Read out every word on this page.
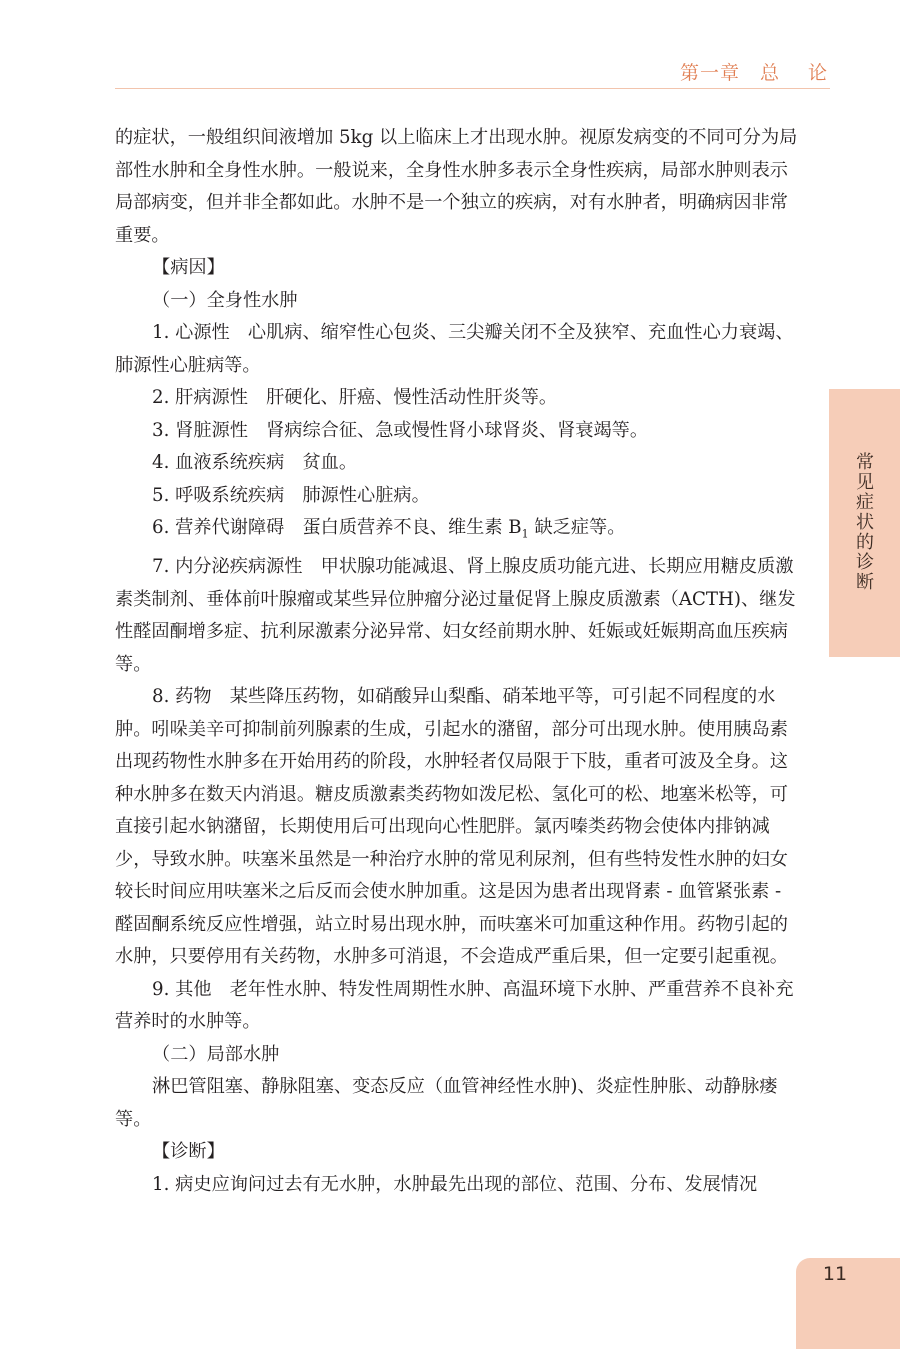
第一章 总 论
常见症状的诊断
11

的症状，一般组织间液增加 5kg 以上临床上才出现水肿。视原发病变的不同可分为局部性水肿和全身性水肿。一般说来，全身性水肿多表示全身性疾病，局部水肿则表示局部病变，但并非全都如此。水肿不是一个独立的疾病，对有水肿者，明确病因非常重要。

【病因】

（一）全身性水肿

1. 心源性　心肌病、缩窄性心包炎、三尖瓣关闭不全及狭窄、充血性心力衰竭、肺源性心脏病等。

2. 肝病源性　肝硬化、肝癌、慢性活动性肝炎等。

3. 肾脏源性　肾病综合征、急或慢性肾小球肾炎、肾衰竭等。

4. 血液系统疾病　贫血。

5. 呼吸系统疾病　肺源性心脏病。

6. 营养代谢障碍　蛋白质营养不良、维生素 $B_1$ 缺乏症等。

7. 内分泌疾病源性　甲状腺功能减退、肾上腺皮质功能亢进、长期应用糖皮质激素类制剂、垂体前叶腺瘤或某些异位肿瘤分泌过量促肾上腺皮质激素（ACTH)、继发性醛固酮增多症、抗利尿激素分泌异常、妇女经前期水肿、妊娠或妊娠期高血压疾病等。

8. 药物　某些降压药物，如硝酸异山梨酯、硝苯地平等，可引起不同程度的水肿。吲哚美辛可抑制前列腺素的生成，引起水的潴留，部分可出现水肿。使用胰岛素出现药物性水肿多在开始用药的阶段，水肿轻者仅局限于下肢，重者可波及全身。这种水肿多在数天内消退。糖皮质激素类药物如泼尼松、氢化可的松、地塞米松等，可直接引起水钠潴留，长期使用后可出现向心性肥胖。氯丙嗪类药物会使体内排钠减少，导致水肿。呋塞米虽然是一种治疗水肿的常见利尿剂，但有些特发性水肿的妇女较长时间应用呋塞米之后反而会使水肿加重。这是因为患者出现肾素 - 血管紧张素 - 醛固酮系统反应性增强，站立时易出现水肿，而呋塞米可加重这种作用。药物引起的水肿，只要停用有关药物，水肿多可消退，不会造成严重后果，但一定要引起重视。

9. 其他　老年性水肿、特发性周期性水肿、高温环境下水肿、严重营养不良补充营养时的水肿等。

（二）局部水肿

淋巴管阻塞、静脉阻塞、变态反应（血管神经性水肿)、炎症性肿胀、动静脉瘘等。

【诊断】

1. 病史应询问过去有无水肿，水肿最先出现的部位、范围、分布、发展情况
